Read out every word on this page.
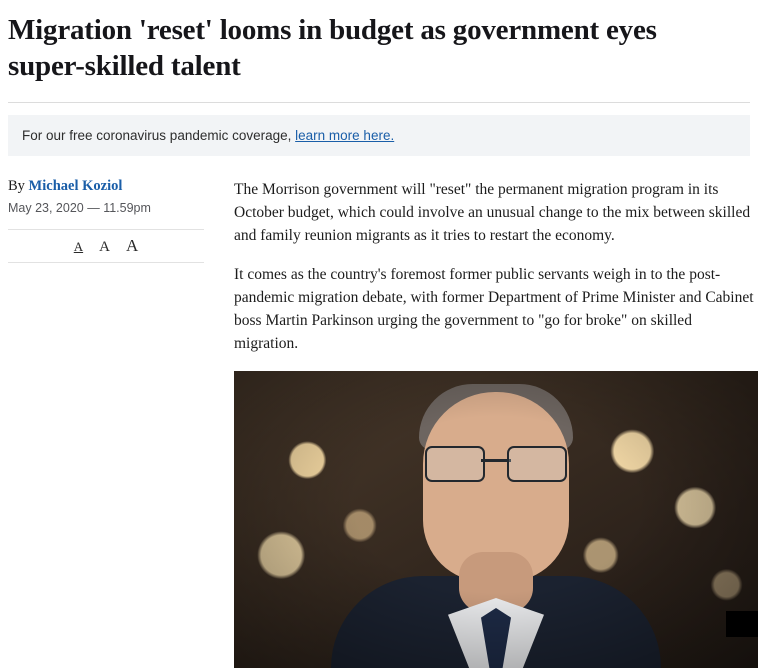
Migration 'reset' looms in budget as government eyes super-skilled talent
For our free coronavirus pandemic coverage, learn more here.
By Michael Koziol
May 23, 2020 — 11.59pm
A A A

The Morrison government will "reset" the permanent migration program in its October budget, which could involve an unusual change to the mix between skilled and family reunion migrants as it tries to restart the economy.

It comes as the country's foremost former public servants weigh in to the post-pandemic migration debate, with former Department of Prime Minister and Cabinet boss Martin Parkinson urging the government to "go for broke" on skilled migration.
